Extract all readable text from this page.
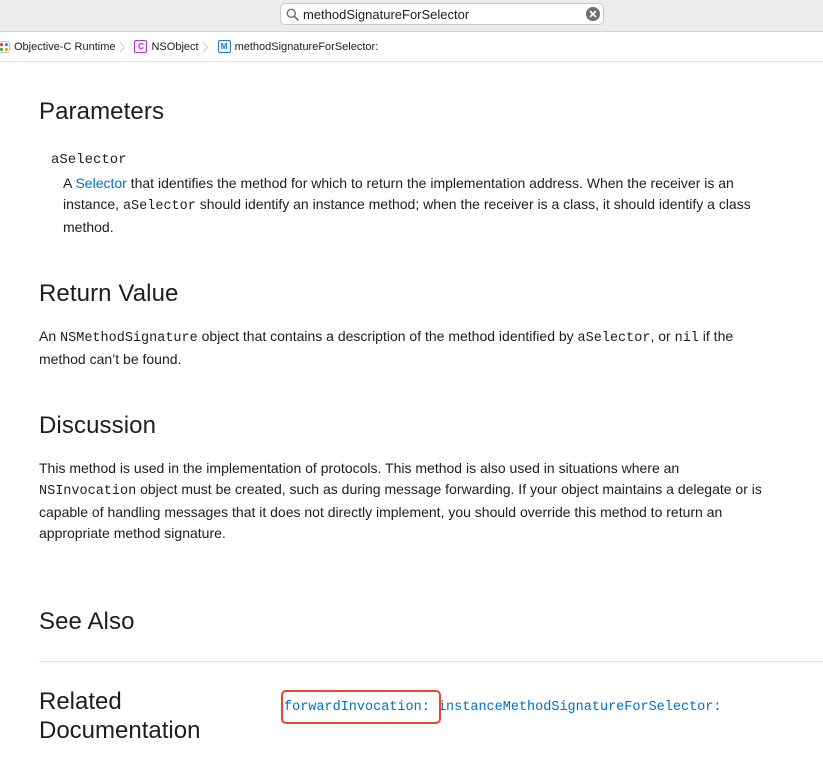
methodSignatureForSelector
Objective-C Runtime 〉 C NSObject 〉 M methodSignatureForSelector:
Parameters
aSelector
A Selector that identifies the method for which to return the implementation address. When the receiver is an instance, aSelector should identify an instance method; when the receiver is a class, it should identify a class method.
Return Value
An NSMethodSignature object that contains a description of the method identified by aSelector, or nil if the method can’t be found.
Discussion
This method is used in the implementation of protocols. This method is also used in situations where an NSInvocation object must be created, such as during message forwarding. If your object maintains a delegate or is capable of handling messages that it does not directly implement, you should override this method to return an appropriate method signature.
See Also
Related Documentation
forwardInvocation: instanceMethodSignatureForSelector:
